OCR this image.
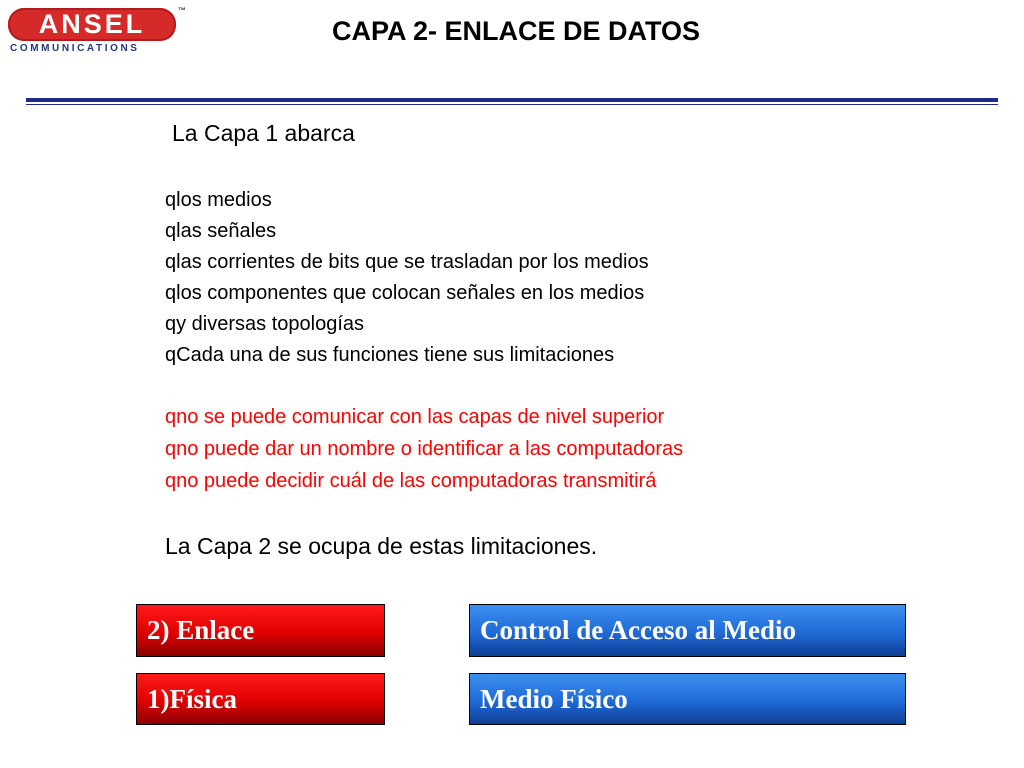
ANSEL	™
COMMUNICATIONS
CAPA 2- ENLACE DE DATOS
La Capa 1 abarca
qlos medios
qlas señales
qlas corrientes de bits que se trasladan por los medios
qlos componentes que colocan señales en los medios
qy diversas topologías
qCada una de sus funciones tiene sus limitaciones
qno se puede comunicar con las capas de nivel superior
qno puede dar un nombre o identificar a las computadoras
qno puede decidir cuál de las computadoras transmitirá
La Capa 2 se ocupa de estas limitaciones.
2) Enlace
1)Física
Control de Acceso al Medio
Medio Físico
